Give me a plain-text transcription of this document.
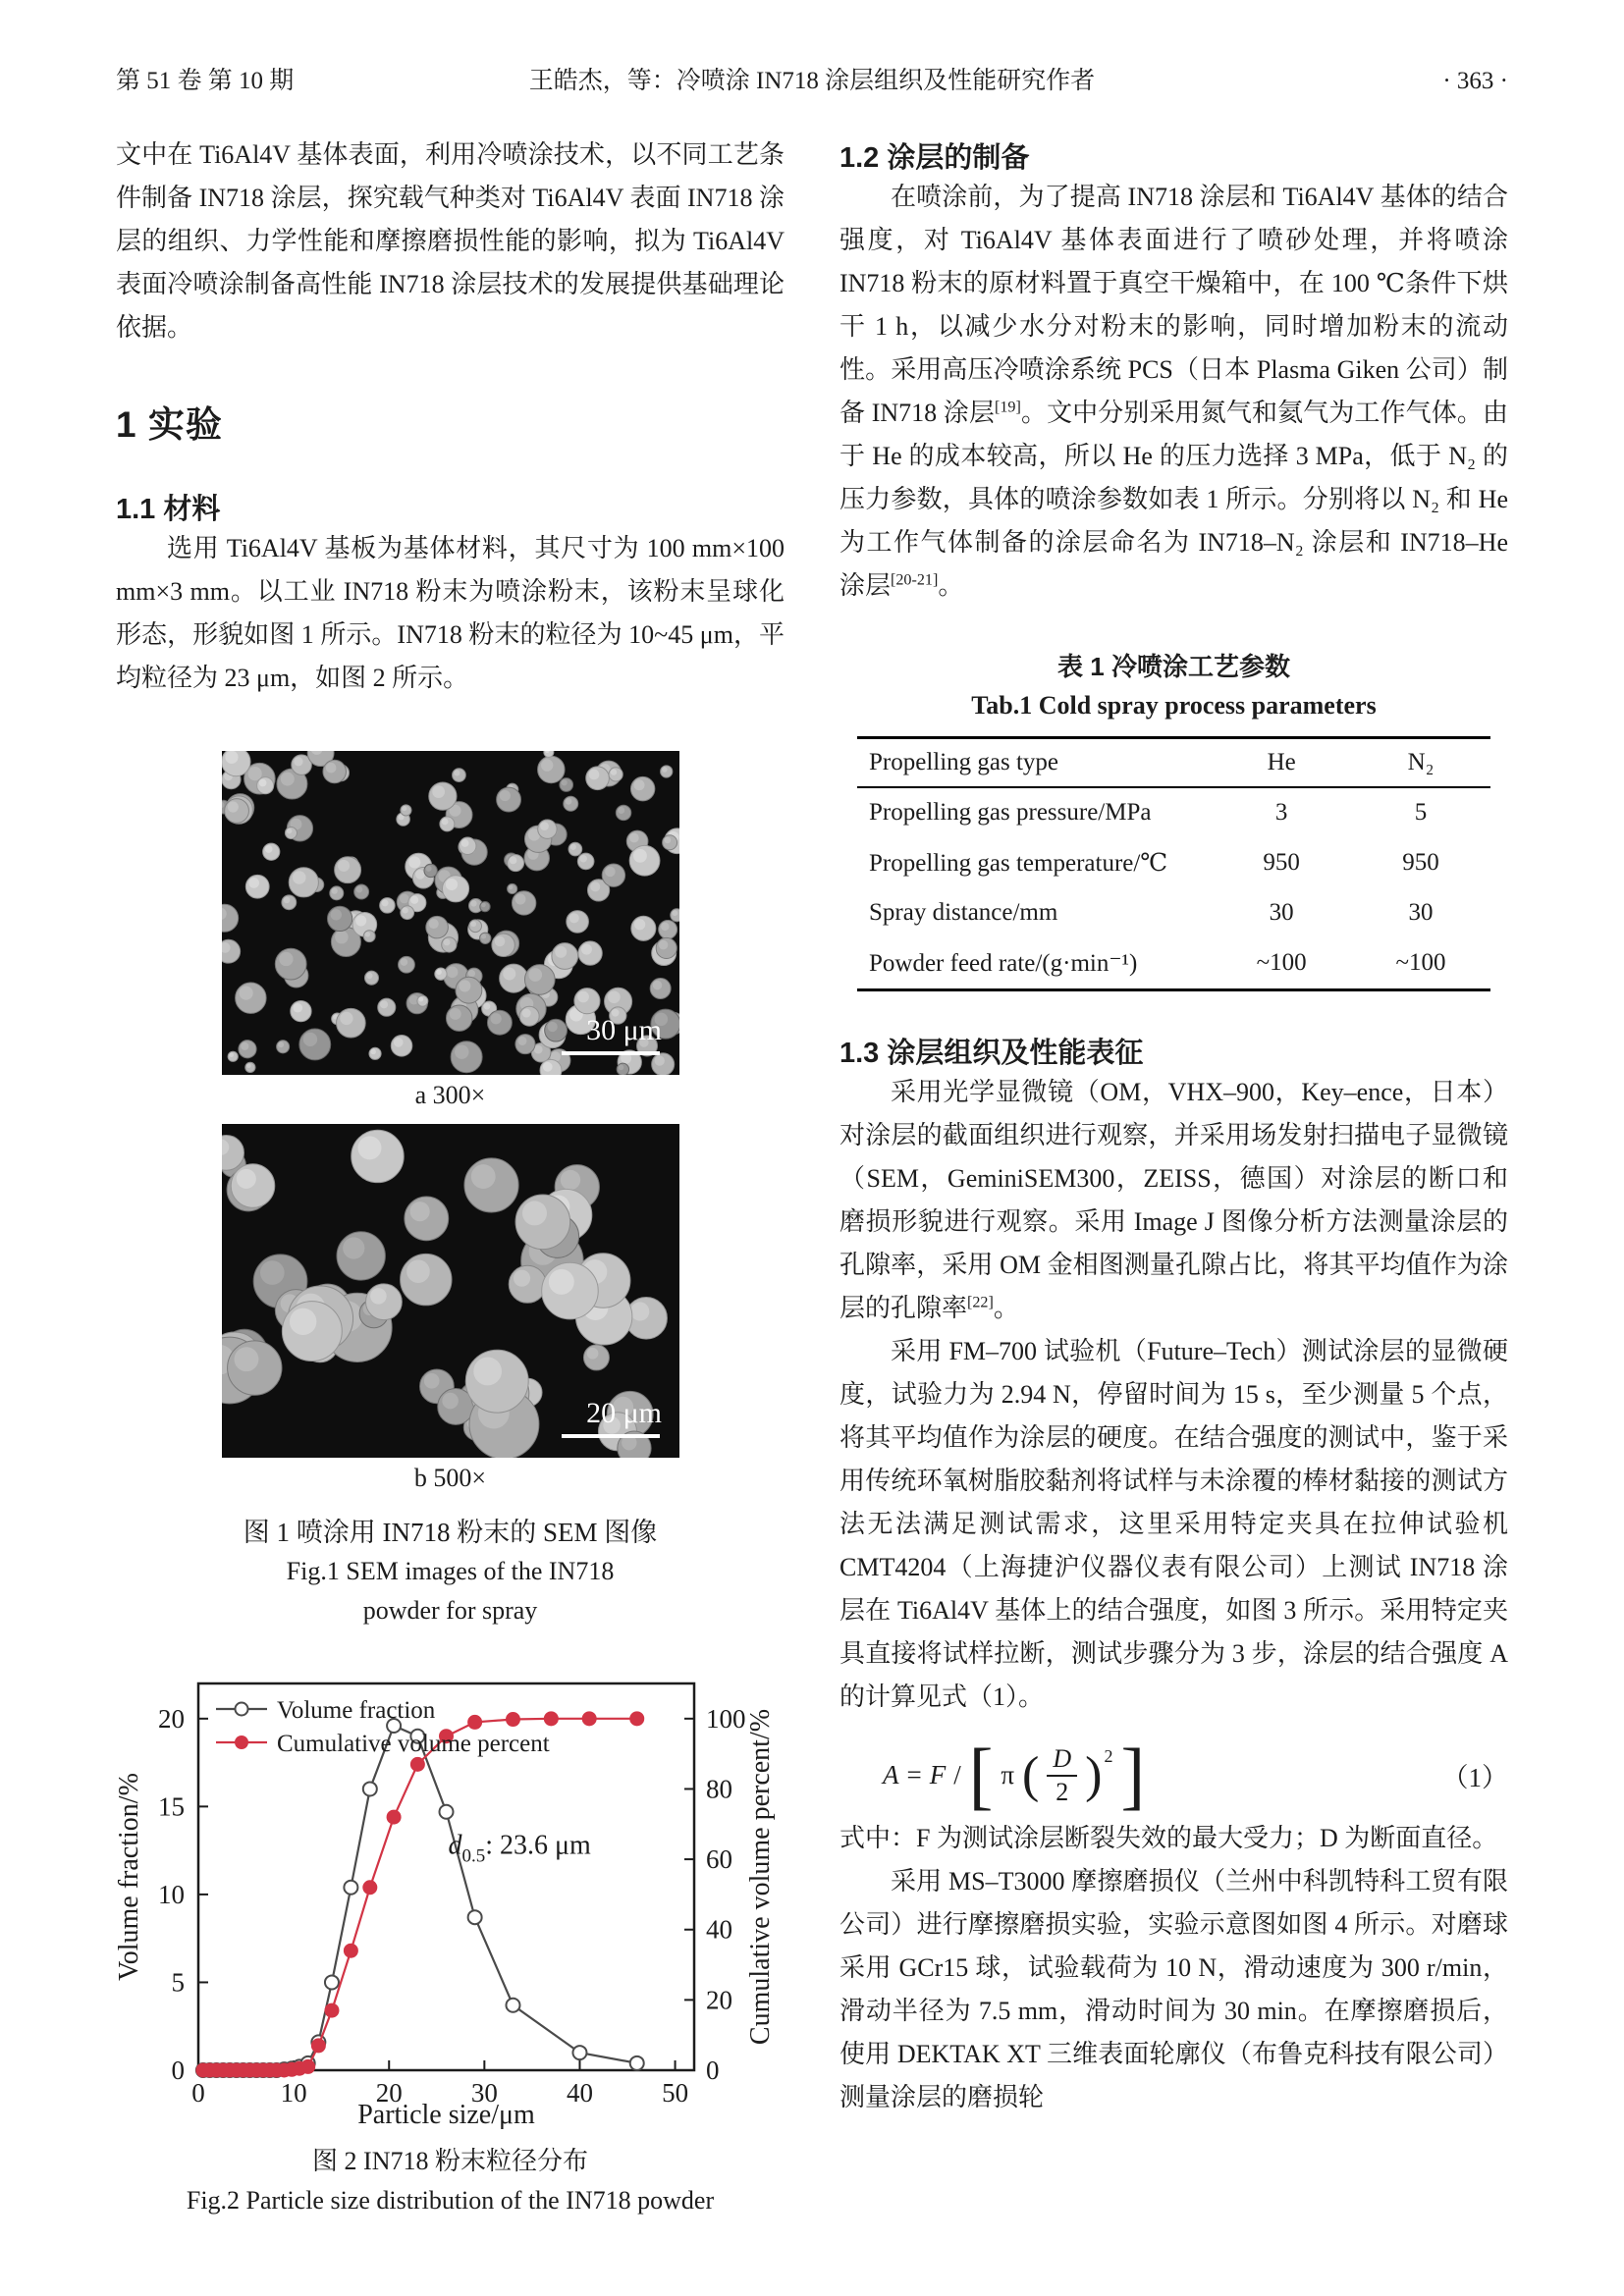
第 51 卷 第 10 期	王皓杰，等：冷喷涂 IN718 涂层组织及性能研究作者	· 363 ·

文中在 Ti6Al4V 基体表面，利用冷喷涂技术，以不同工艺条件制备 IN718 涂层，探究载气种类对 Ti6Al4V 表面 IN718 涂层的组织、力学性能和摩擦磨损性能的影响，拟为 Ti6Al4V 表面冷喷涂制备高性能 IN718 涂层技术的发展提供基础理论依据。

1 实验
1.1 材料

选用 Ti6Al4V 基板为基体材料，其尺寸为 100 mm×100 mm×3 mm。以工业 IN718 粉末为喷涂粉末，该粉末呈球化形态，形貌如图 1 所示。IN718 粉末的粒径为 10~45 μm，平均粒径为 23 μm，如图 2 所示。

30 μm
a 300×
20 μm
b 500×
图 1 喷涂用 IN718 粉末的 SEM 图像
Fig.1 SEM images of the IN718
powder for spray
0	10	20	30	40	50
0
5
10
15
20
0
20
40
60
80
100
Particle size/μm
Volume fraction/%	Cumulative volume percent/%
Volume fraction
Cumulative volume percent
$d_{0.5}$: 23.6 μm
图 2 IN718 粉末粒径分布
Fig.2 Particle size distribution of the IN718 powder
1.2 涂层的制备

在喷涂前，为了提高 IN718 涂层和 Ti6Al4V 基体的结合强度，对 Ti6Al4V 基体表面进行了喷砂处理，并将喷涂 IN718 粉末的原材料置于真空干燥箱中，在 100 ℃条件下烘干 1 h，以减少水分对粉末的影响，同时增加粉末的流动性。采用高压冷喷涂系统 PCS（日本 Plasma Giken 公司）制备 IN718 涂层[19]。文中分别采用氮气和氦气为工作气体。由于 He 的成本较高，所以 He 的压力选择 3 MPa，低于 N₂ 的压力参数，具体的喷涂参数如表 1 所示。分别将以 N₂ 和 He 为工作气体制备的涂层命名为 IN718–N₂ 涂层和 IN718–He 涂层[20-21]。

表 1 冷喷涂工艺参数
Tab.1 Cold spray process parameters
Propelling gas type	He	N₂
Propelling gas pressure/MPa	3	5
Propelling gas temperature/℃	950	950
Spray distance/mm	30	30
Powder feed rate/(g·min⁻¹)	~100	~100
1.3 涂层组织及性能表征

采用光学显微镜（OM，VHX–900，Key–ence，日本）对涂层的截面组织进行观察，并采用场发射扫描电子显微镜（SEM，GeminiSEM300，ZEISS，德国）对涂层的断口和磨损形貌进行观察。采用 Image J 图像分析方法测量涂层的孔隙率，采用 OM 金相图测量孔隙占比，将其平均值作为涂层的孔隙率[22]。

采用 FM–700 试验机（Future–Tech）测试涂层的显微硬度，试验力为 2.94 N，停留时间为 15 s，至少测量 5 个点，将其平均值作为涂层的硬度。在结合强度的测试中，鉴于采用传统环氧树脂胶黏剂将试样与未涂覆的棒材黏接的测试方法无法满足测试需求，这里采用特定夹具在拉伸试验机 CMT4204（上海捷沪仪器仪表有限公司）上测试 IN718 涂层在 Ti6Al4V 基体上的结合强度，如图 3 所示。采用特定夹具直接将试样拉断，测试步骤分为 3 步，涂层的结合强度 A 的计算见式（1）。

A = F / [ π ( $\frac{D}{2}$ ) 2 ]	（1）

式中：F 为测试涂层断裂失效的最大受力；D 为断面直径。

采用 MS–T3000 摩擦磨损仪（兰州中科凯特科工贸有限公司）进行摩擦磨损实验，实验示意图如图 4 所示。对磨球采用 GCr15 球，试验载荷为 10 N，滑动速度为 300 r/min，滑动半径为 7.5 mm，滑动时间为 30 min。在摩擦磨损后，使用 DEKTAK XT 三维表面轮廓仪（布鲁克科技有限公司）测量涂层的磨损轮
